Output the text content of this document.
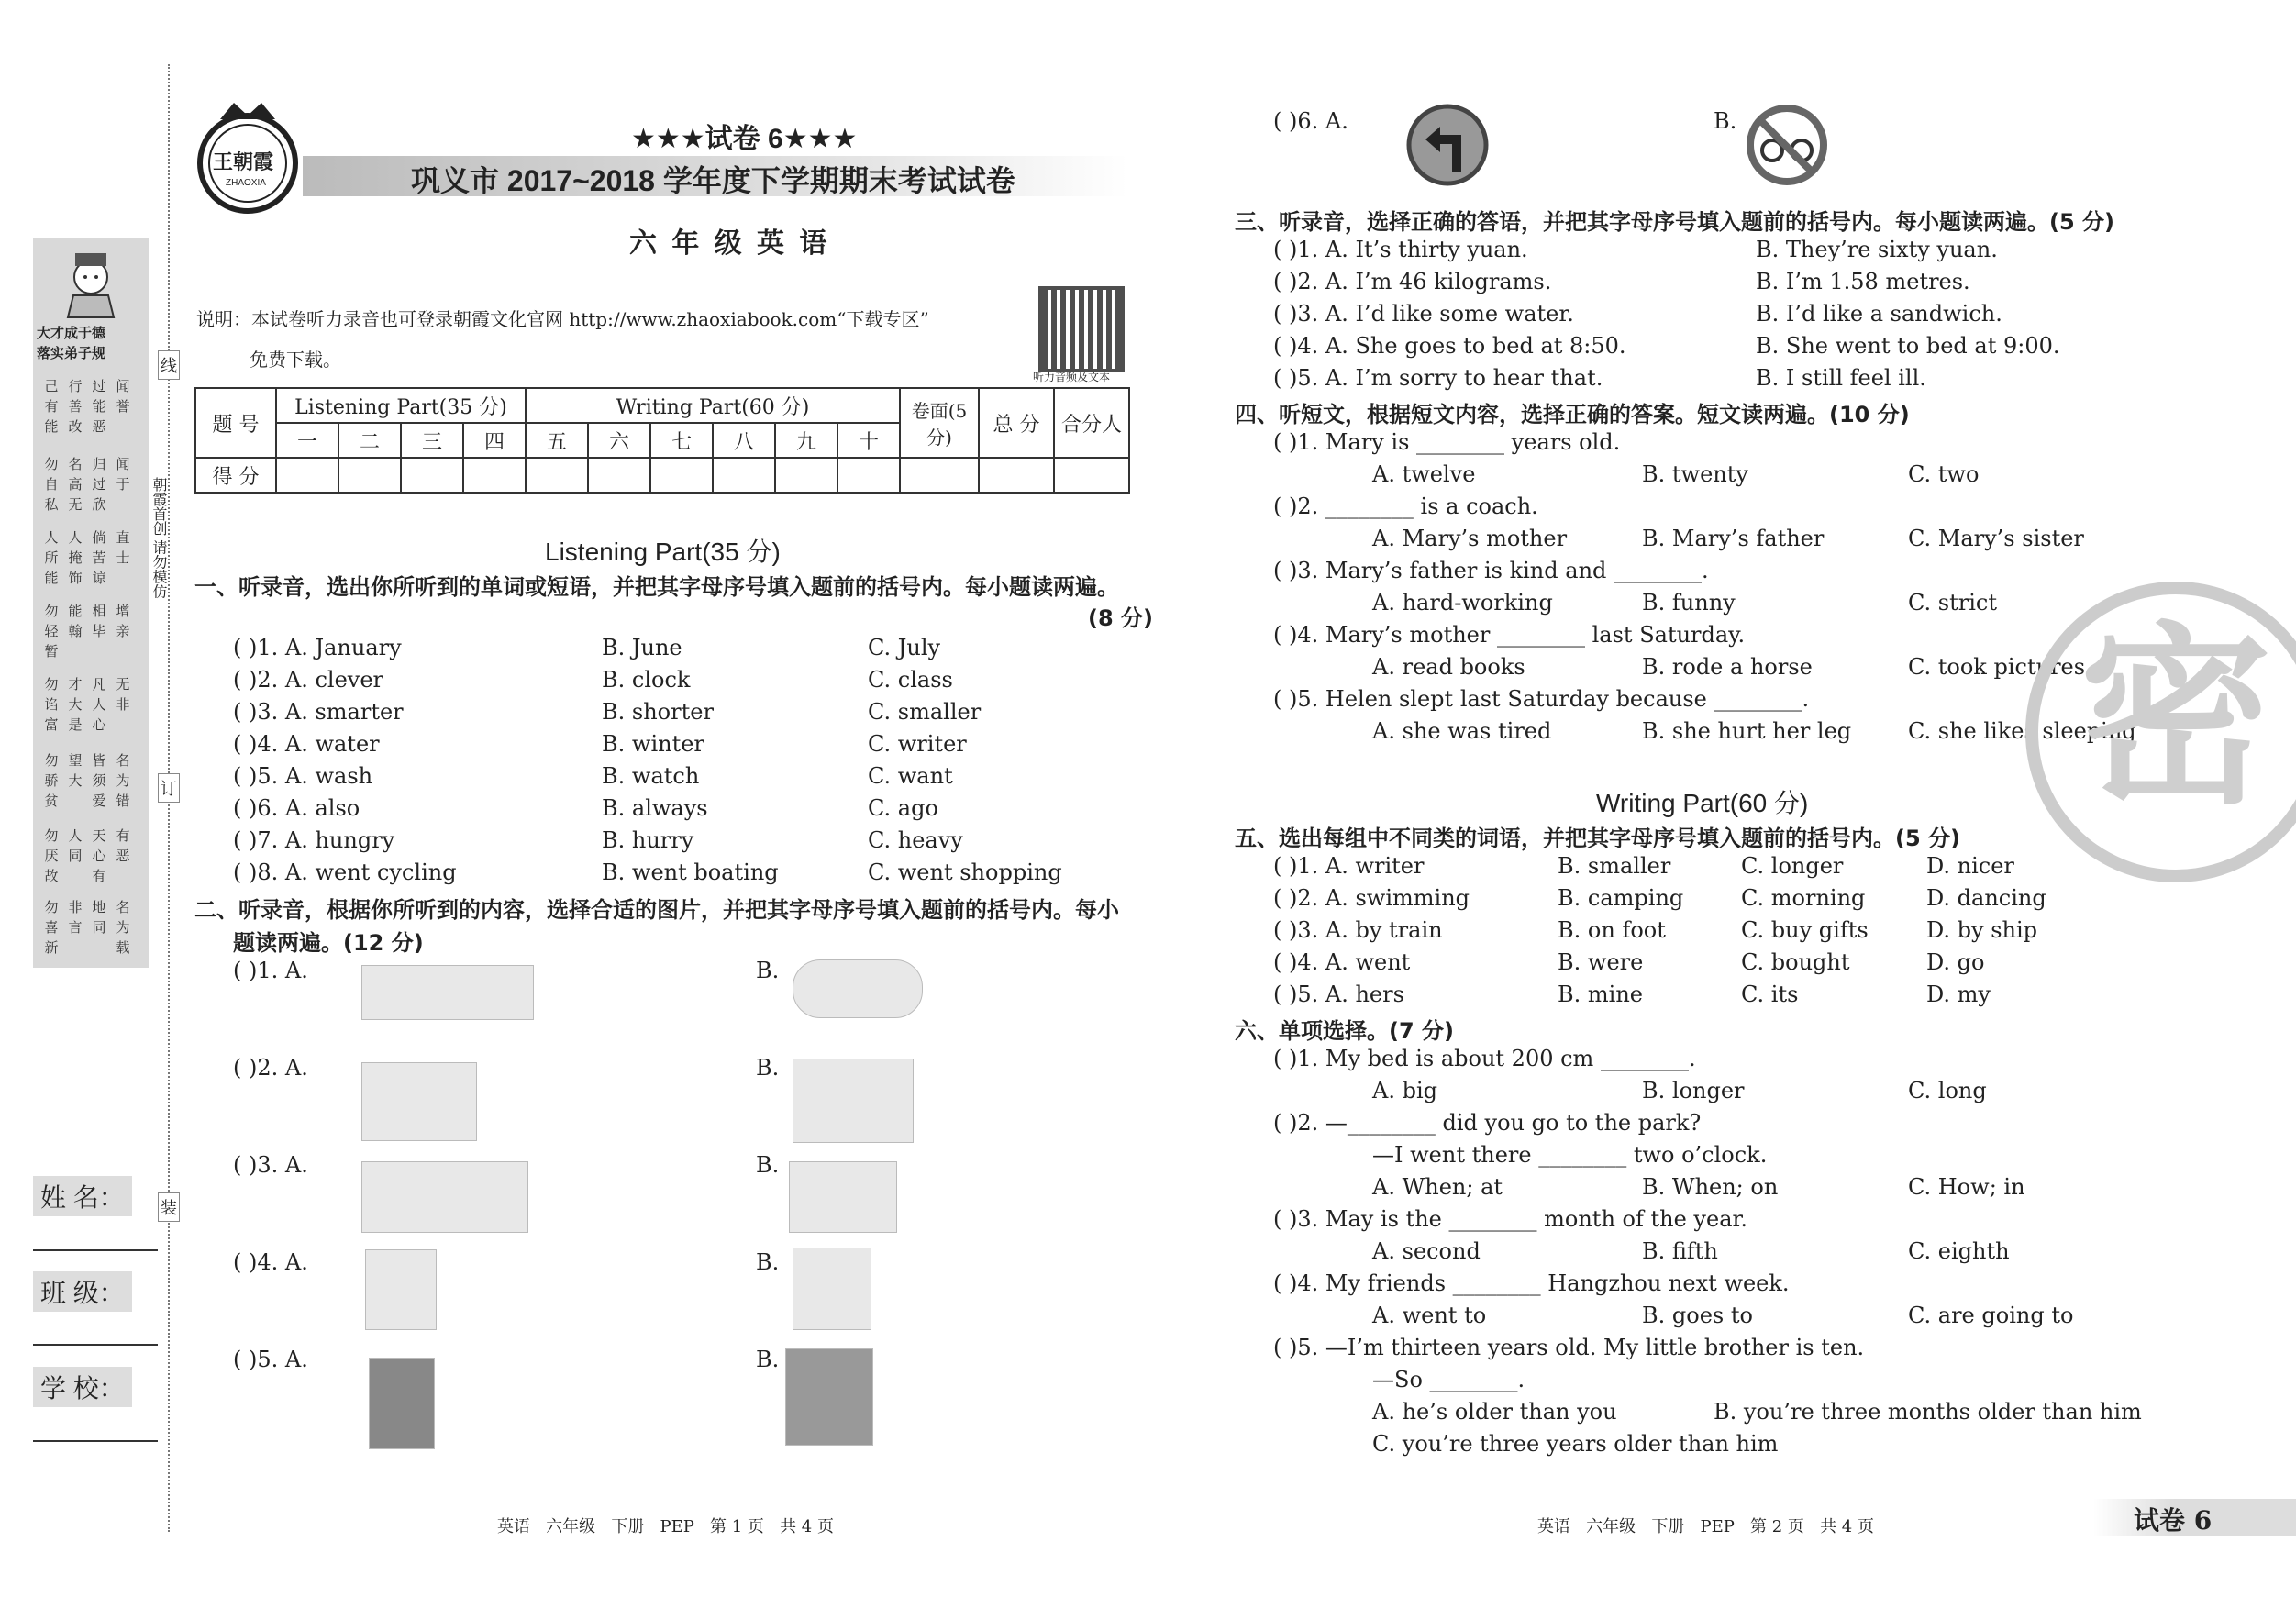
线
朝霞首创 请勿模仿
订
装
大才成于德
落实弟子规
己有能
行善改
过能恶
闻誉
勿自私
名高无
归过欣
闻于
人所能
人掩饰
倘苦谅
直士
勿轻暂
能翰
相毕
增亲
勿谄富
才大是
凡人心
无非
勿骄贫
望大
皆须爱
名为错
勿厌故
人同
天心有
有恶
勿喜新
非言
地同
名为载
姓 名：
班 级：
学 校：
王朝霞
ZHAOXIA
★★★试卷 6★★★
巩义市 2017~2018 学年度下学期期末考试试卷
六 年 级 英 语
说明：本试卷听力录音也可登录朝霞文化官网 http://www.zhaoxiabook.com“下载专区”
免费下载。
听力音频及文本
题 号	Listening Part(35 分)				Writing Part(60 分)						卷面(5 分)	总 分	合分人
	一	二	三	四	五	六	七	八	九	十			
得 分													
Listening Part(35 分)
一、听录音，选出你所听到的单词或短语，并把其字母序号填入题前的括号内。每小题读两遍。
(8 分)
( )1. A. January	B. June	C. July
( )2. A. clever	B. clock	C. class
( )3. A. smarter	B. shorter	C. smaller
( )4. A. water	B. winter	C. writer
( )5. A. wash	B. watch	C. want
( )6. A. also	B. always	C. ago
( )7. A. hungry	B. hurry	C. heavy
( )8. A. went cycling	B. went boating	C. went shopping
二、听录音，根据你所听到的内容，选择合适的图片，并把其字母序号填入题前的括号内。每小
题读两遍。(12 分)
( )1. A.	B.
( )2. A.	B.
( )3. A.	B.
( )4. A.	B.
( )5. A.	B.
英语   六年级   下册   PEP   第 1 页   共 4 页
( )6. A.	B.
三、听录音，选择正确的答语，并把其字母序号填入题前的括号内。每小题读两遍。(5 分)
( )1. A. It’s thirty yuan.	B. They’re sixty yuan.
( )2. A. I’m 46 kilograms.	B. I’m 1.58 metres.
( )3. A. I’d like some water.	B. I’d like a sandwich.
( )4. A. She goes to bed at 8:50.	B. She went to bed at 9:00.
( )5. A. I’m sorry to hear that.	B. I still feel ill.
四、听短文，根据短文内容，选择正确的答案。短文读两遍。(10 分)
( )1. Mary is ________ years old.
A. twelve	B. twenty	C. two
( )2. ________ is a coach.
A. Mary’s mother	B. Mary’s father	C. Mary’s sister
( )3. Mary’s father is kind and ________.
A. hard-working	B. funny	C. strict
( )4. Mary’s mother ________ last Saturday.
A. read books	B. rode a horse	C. took pictures
( )5. Helen slept last Saturday because ________.
A. she was tired	B. she hurt her leg	C. she likes sleeping
密
Writing Part(60 分)
五、选出每组中不同类的词语，并把其字母序号填入题前的括号内。(5 分)
( )1. A. writer	B. smaller	C. longer	D. nicer
( )2. A. swimming	B. camping	C. morning	D. dancing
( )3. A. by train	B. on foot	C. buy gifts	D. by ship
( )4. A. went	B. were	C. bought	D. go
( )5. A. hers	B. mine	C. its	D. my
六、单项选择。(7 分)
( )1. My bed is about 200 cm ________.
A. big	B. longer	C. long
( )2. —________ did you go to the park?
—I went there ________ two o’clock.
A. When; at	B. When; on	C. How; in
( )3. May is the ________ month of the year.
A. second	B. fifth	C. eighth
( )4. My friends ________ Hangzhou next week.
A. went to	B. goes to	C. are going to
( )5. —I’m thirteen years old. My little brother is ten.
—So ________.
A. he’s older than you	B. you’re three months older than him
C. you’re three years older than him
英语   六年级   下册   PEP   第 2 页   共 4 页	试卷 6
